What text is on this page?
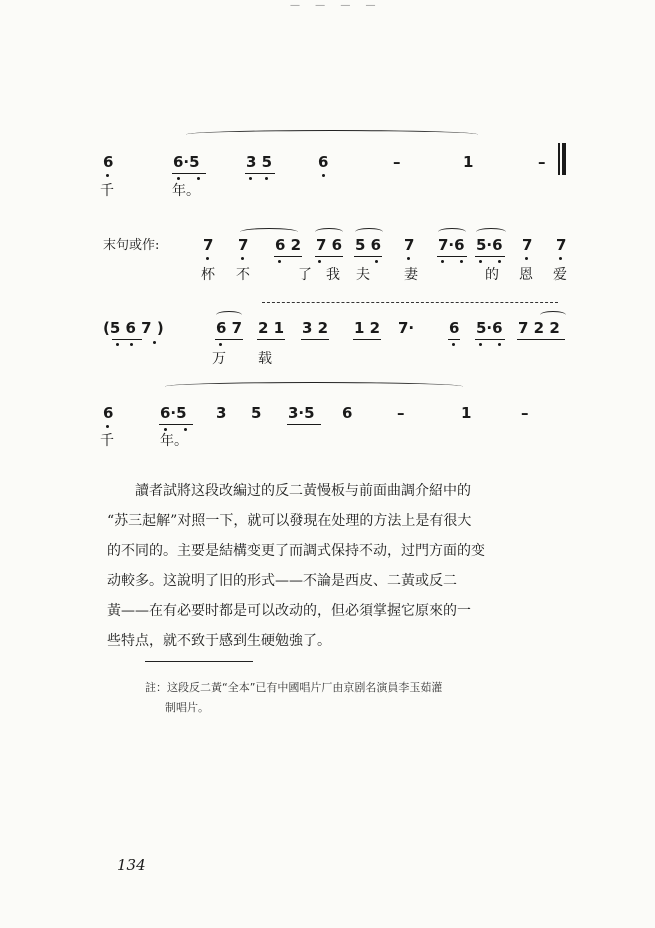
— — — —
6	6·5	3 5	6	–	1	–
千	年。
末句或作:	7 7 6 2 7 6 5 6 7 7·6 5·6 7 7
杯 不	了 我 夫 妻	的 恩 爱
(5 6 7 )	6 7 2 1 3 2 1 2 7· 6 5·6 7 2 2
万 载
6	6·5 3 5 3·5 6	–	1	–
千	年。
讀者試將这段改編过的反二黃慢板与前面曲調介紹中的
“苏三起解”对照一下，就可以發現在处理的方法上是有很大
的不同的。主要是結構变更了而調式保持不动，过門方面的变
动較多。这說明了旧的形式——不論是西皮、二黃或反二
黃——在有必要时都是可以改动的，但必須掌握它原來的一
些特点，就不致于感到生硬勉強了。
註：这段反二黃“全本”已有中國唱片厂由京剧名演員李玉茹灌
制唱片。
134
